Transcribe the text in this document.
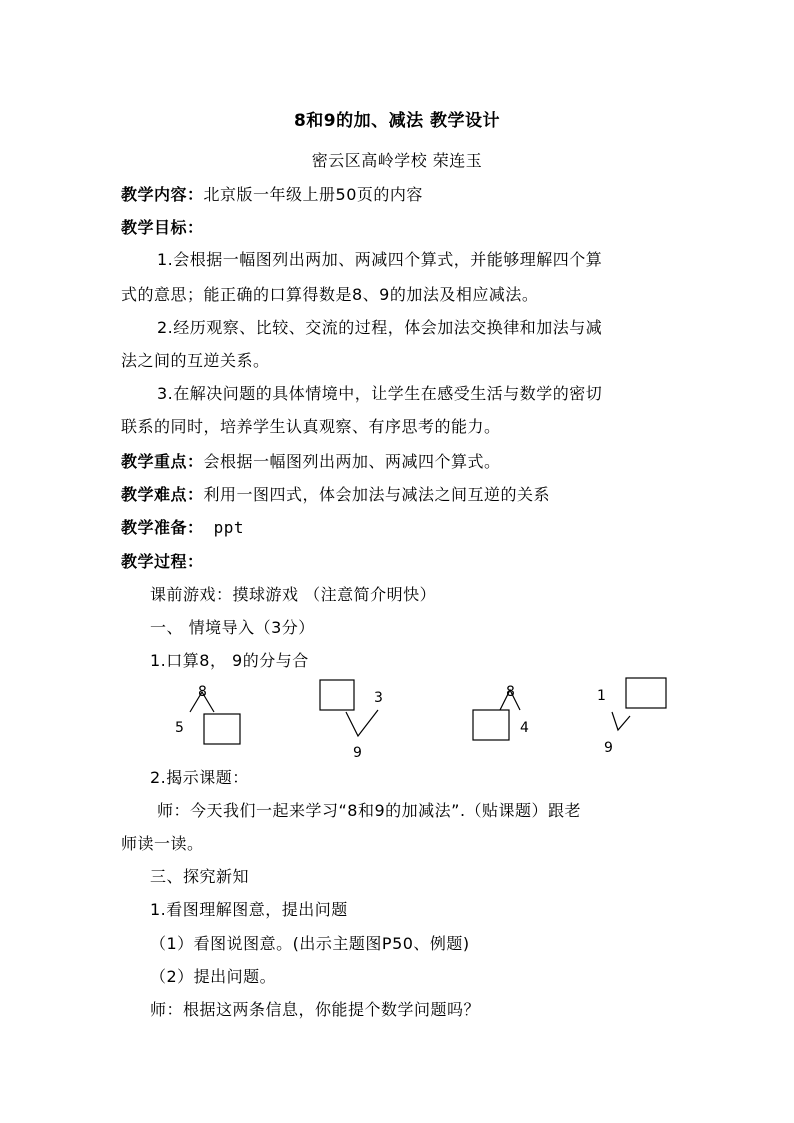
8和9的加、减法 教学设计
密云区高岭学校 荣连玉
教学内容：北京版一年级上册50页的内容
教学目标：
1.会根据一幅图列出两加、两减四个算式，并能够理解四个算
式的意思；能正确的口算得数是8、9的加法及相应减法。
2.经历观察、比较、交流的过程，体会加法交换律和加法与减
法之间的互逆关系。
3.在解决问题的具体情境中，让学生在感受生活与数学的密切
联系的同时，培养学生认真观察、有序思考的能力。
教学重点：会根据一幅图列出两加、两减四个算式。
教学难点：利用一图四式，体会加法与减法之间互逆的关系
教学准备： ppt
教学过程：
课前游戏：摸球游戏 （注意简介明快）
一、 情境导入（3分）
1.口算8， 9的分与合
8
5
3
9
8
4
1
9
2.揭示课题：
师：今天我们一起来学习“8和9的加减法”.（贴课题）跟老
师读一读。
三、探究新知
1.看图理解图意，提出问题
（1）看图说图意。(出示主题图P50、例题)
（2）提出问题。
师：根据这两条信息，你能提个数学问题吗？
